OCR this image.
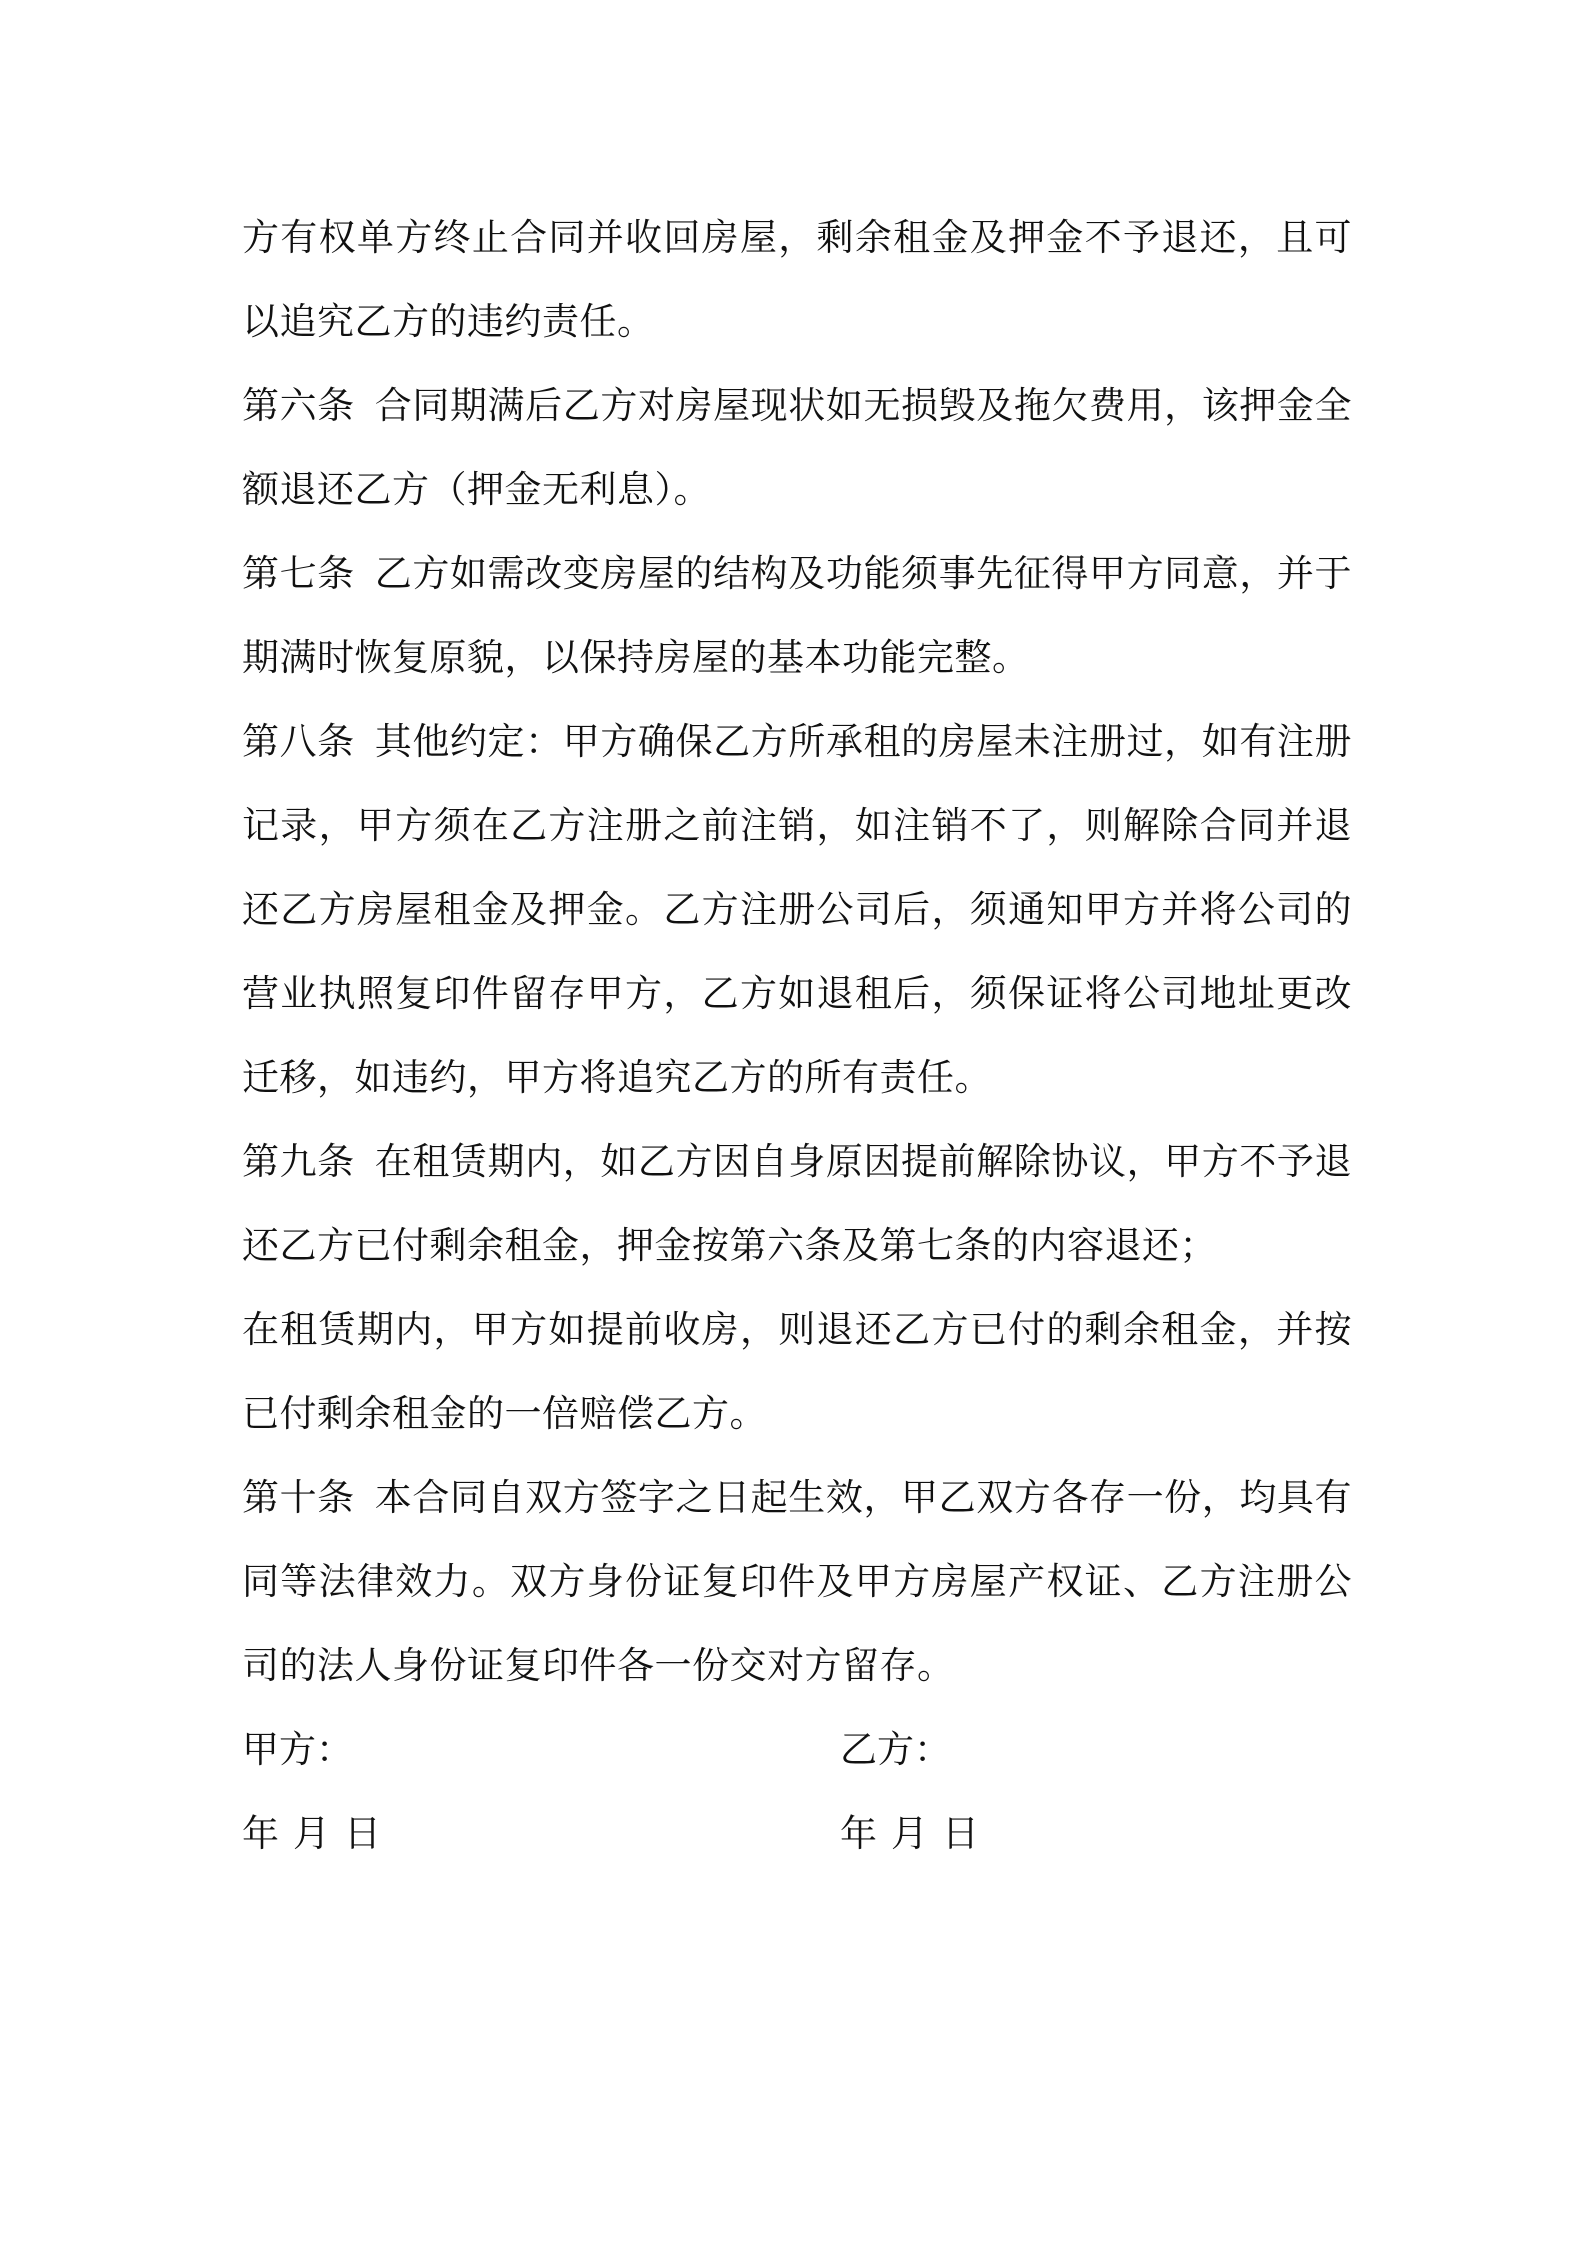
方有权单方终止合同并收回房屋，剩余租金及押金不予退还，且可以追究乙方的违约责任。

第六条 合同期满后乙方对房屋现状如无损毁及拖欠费用，该押金全额退还乙方（押金无利息）。

第七条 乙方如需改变房屋的结构及功能须事先征得甲方同意，并于期满时恢复原貌，以保持房屋的基本功能完整。

第八条 其他约定：甲方确保乙方所承租的房屋未注册过，如有注册记录，甲方须在乙方注册之前注销，如注销不了，则解除合同并退还乙方房屋租金及押金。乙方注册公司后，须通知甲方并将公司的营业执照复印件留存甲方，乙方如退租后，须保证将公司地址更改迁移，如违约，甲方将追究乙方的所有责任。

第九条 在租赁期内，如乙方因自身原因提前解除协议，甲方不予退还乙方已付剩余租金，押金按第六条及第七条的内容退还；

在租赁期内，甲方如提前收房，则退还乙方已付的剩余租金，并按已付剩余租金的一倍赔偿乙方。

第十条 本合同自双方签字之日起生效，甲乙双方各存一份，均具有同等法律效力。双方身份证复印件及甲方房屋产权证、乙方注册公司的法人身份证复印件各一份交对方留存。

甲方：	乙方：
年 月 日	年 月 日
